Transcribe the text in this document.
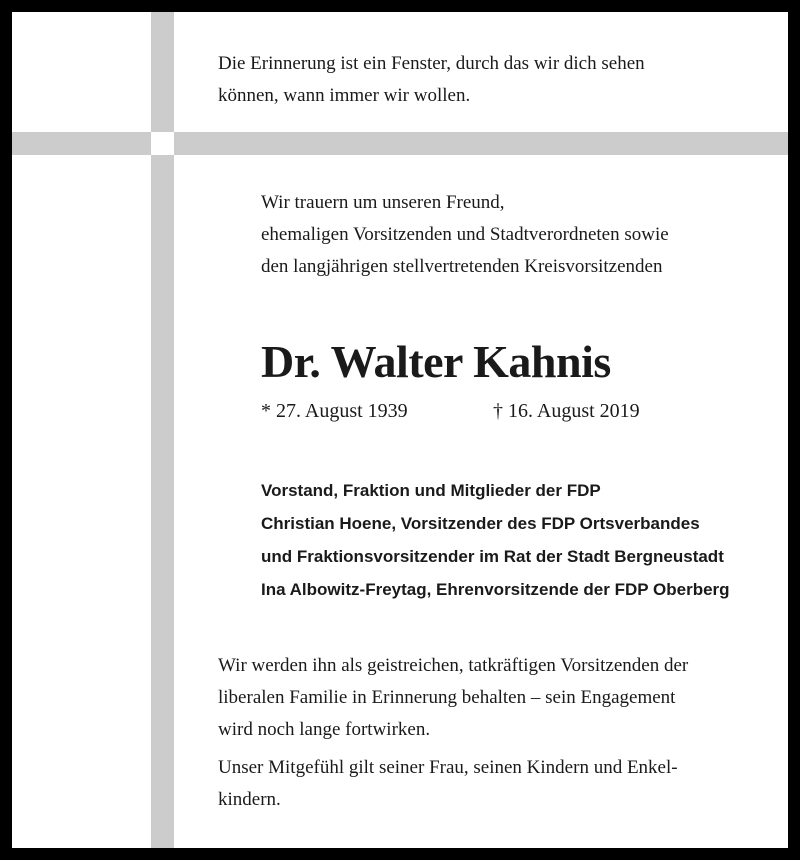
Die Erinnerung ist ein Fenster, durch das wir dich sehen
können, wann immer wir wollen.

Wir trauern um unseren Freund,
ehemaligen Vorsitzenden und Stadtverordneten sowie
den langjährigen stellvertretenden Kreisvorsitzenden

Dr. Walter Kahnis
* 27. August 1939	† 16. August 2019

Vorstand, Fraktion und Mitglieder der FDP
Christian Hoene, Vorsitzender des FDP Ortsverbandes
und Fraktionsvorsitzender im Rat der Stadt Bergneustadt
Ina Albowitz-Freytag, Ehrenvorsitzende der FDP Oberberg

Wir werden ihn als geistreichen, tatkräftigen Vorsitzenden der
liberalen Familie in Erinnerung behalten – sein Engagement
wird noch lange fortwirken.

Unser Mitgefühl gilt seiner Frau, seinen Kindern und Enkel-
kindern.
